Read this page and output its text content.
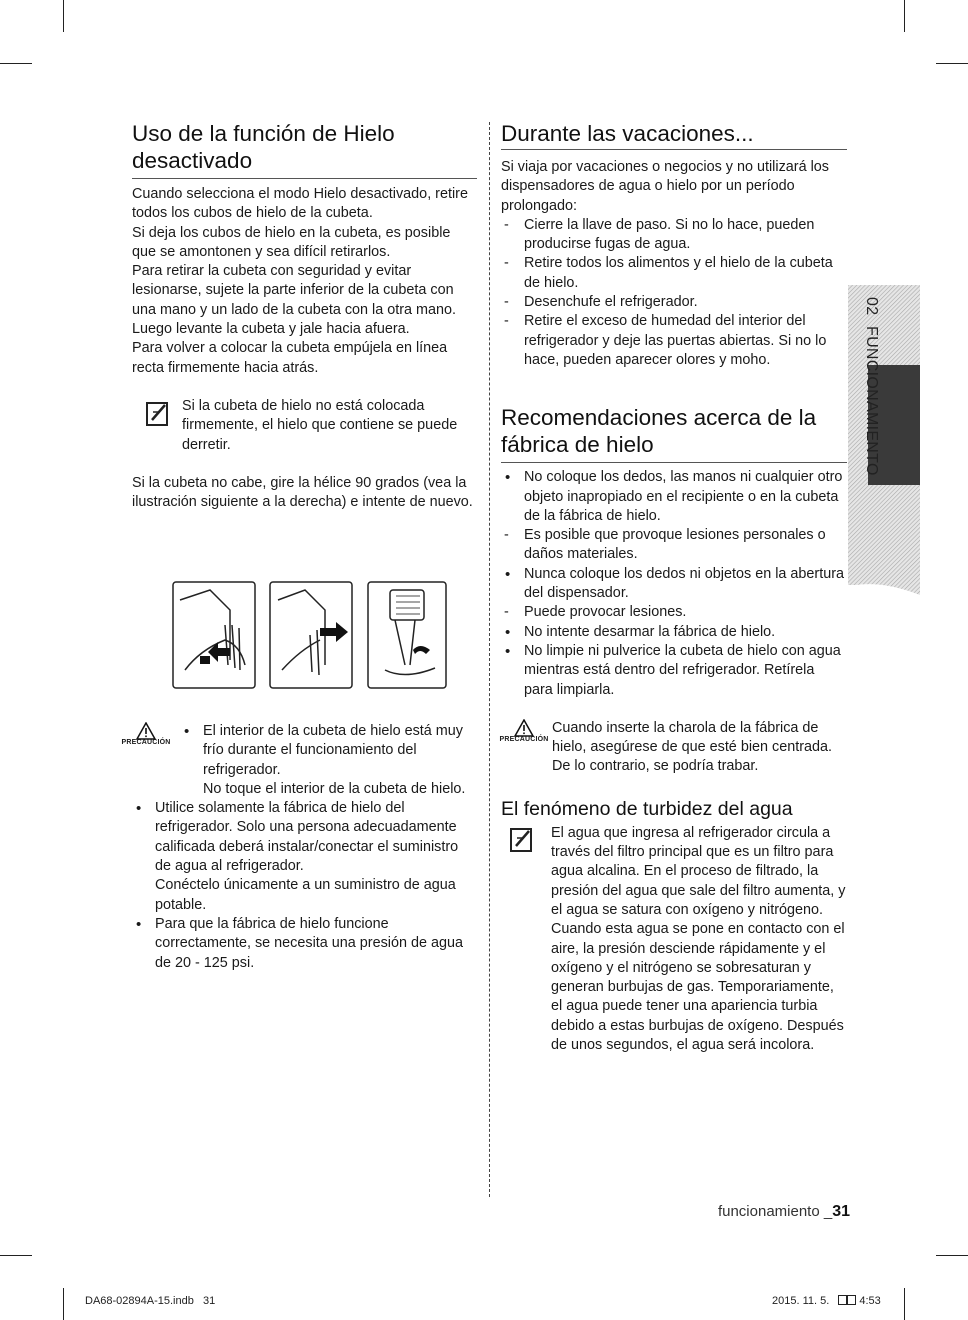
Uso de la función de Hielo desactivado

Cuando selecciona el modo Hielo desactivado, retire todos los cubos de hielo de la cubeta.

Si deja los cubos de hielo en la cubeta, es posible que se amontonen y sea difícil retirarlos.

Para retirar la cubeta con seguridad y evitar lesionarse, sujete la parte inferior de la cubeta con una mano y un lado de la cubeta con la otra mano.

Luego levante la cubeta y jale hacia afuera.

Para volver a colocar la cubeta empújela en línea recta firmemente hacia atrás.

Si la cubeta de hielo no está colocada firmemente, el hielo que contiene se puede derretir.

Si la cubeta no cabe, gire la hélice 90 grados (vea la ilustración siguiente a la derecha) e intente de nuevo.

PRECAUCIÓN

• El interior de la cubeta de hielo está muy frío durante el funcionamiento del refrigerador.

No toque el interior de la cubeta de hielo.

• Utilice solamente la fábrica de hielo del refrigerador. Solo una persona adecuadamente calificada deberá instalar/conectar el suministro de agua al refrigerador.

Conéctelo únicamente a un suministro de agua potable.

• Para que la fábrica de hielo funcione correctamente, se necesita una presión de agua de 20 - 125 psi.

Durante las vacaciones...

Si viaja por vacaciones o negocios y no utilizará los dispensadores de agua o hielo por un período prolongado:

- Cierre la llave de paso. Si no lo hace, pueden producirse fugas de agua.

- Retire todos los alimentos y el hielo de la cubeta de hielo.

- Desenchufe el refrigerador.

- Retire el exceso de humedad del interior del refrigerador y deje las puertas abiertas. Si no lo hace, pueden aparecer olores y moho.

Recomendaciones acerca de la fábrica de hielo

• No coloque los dedos, las manos ni cualquier otro objeto inapropiado en el recipiente o en la cubeta de la fábrica de hielo.

- Es posible que provoque lesiones personales o daños materiales.

• Nunca coloque los dedos ni objetos en la abertura del dispensador.

- Puede provocar lesiones.

• No intente desarmar la fábrica de hielo.

• No limpie ni pulverice la cubeta de hielo con agua mientras está dentro del refrigerador. Retírela para limpiarla.

PRECAUCIÓN

Cuando inserte la charola de la fábrica de hielo, asegúrese de que esté bien centrada.

De lo contrario, se podría trabar.

El fenómeno de turbidez del agua

El agua que ingresa al refrigerador circula a través del filtro principal que es un filtro para agua alcalina. En el proceso de filtrado, la presión del agua que sale del filtro aumenta, y el agua se satura con oxígeno y nitrógeno. Cuando esta agua se pone en contacto con el aire, la presión desciende rápidamente y el oxígeno y el nitrógeno se sobresaturan y generan burbujas de gas. Temporariamente, el agua puede tener una apariencia turbia debido a estas burbujas de oxígeno. Después de unos segundos, el agua será incolora.

02 FUNCIONAMIENTO
funcionamiento _31
DA68-02894A-15.indb   31	2015. 11. 5.	4:53
